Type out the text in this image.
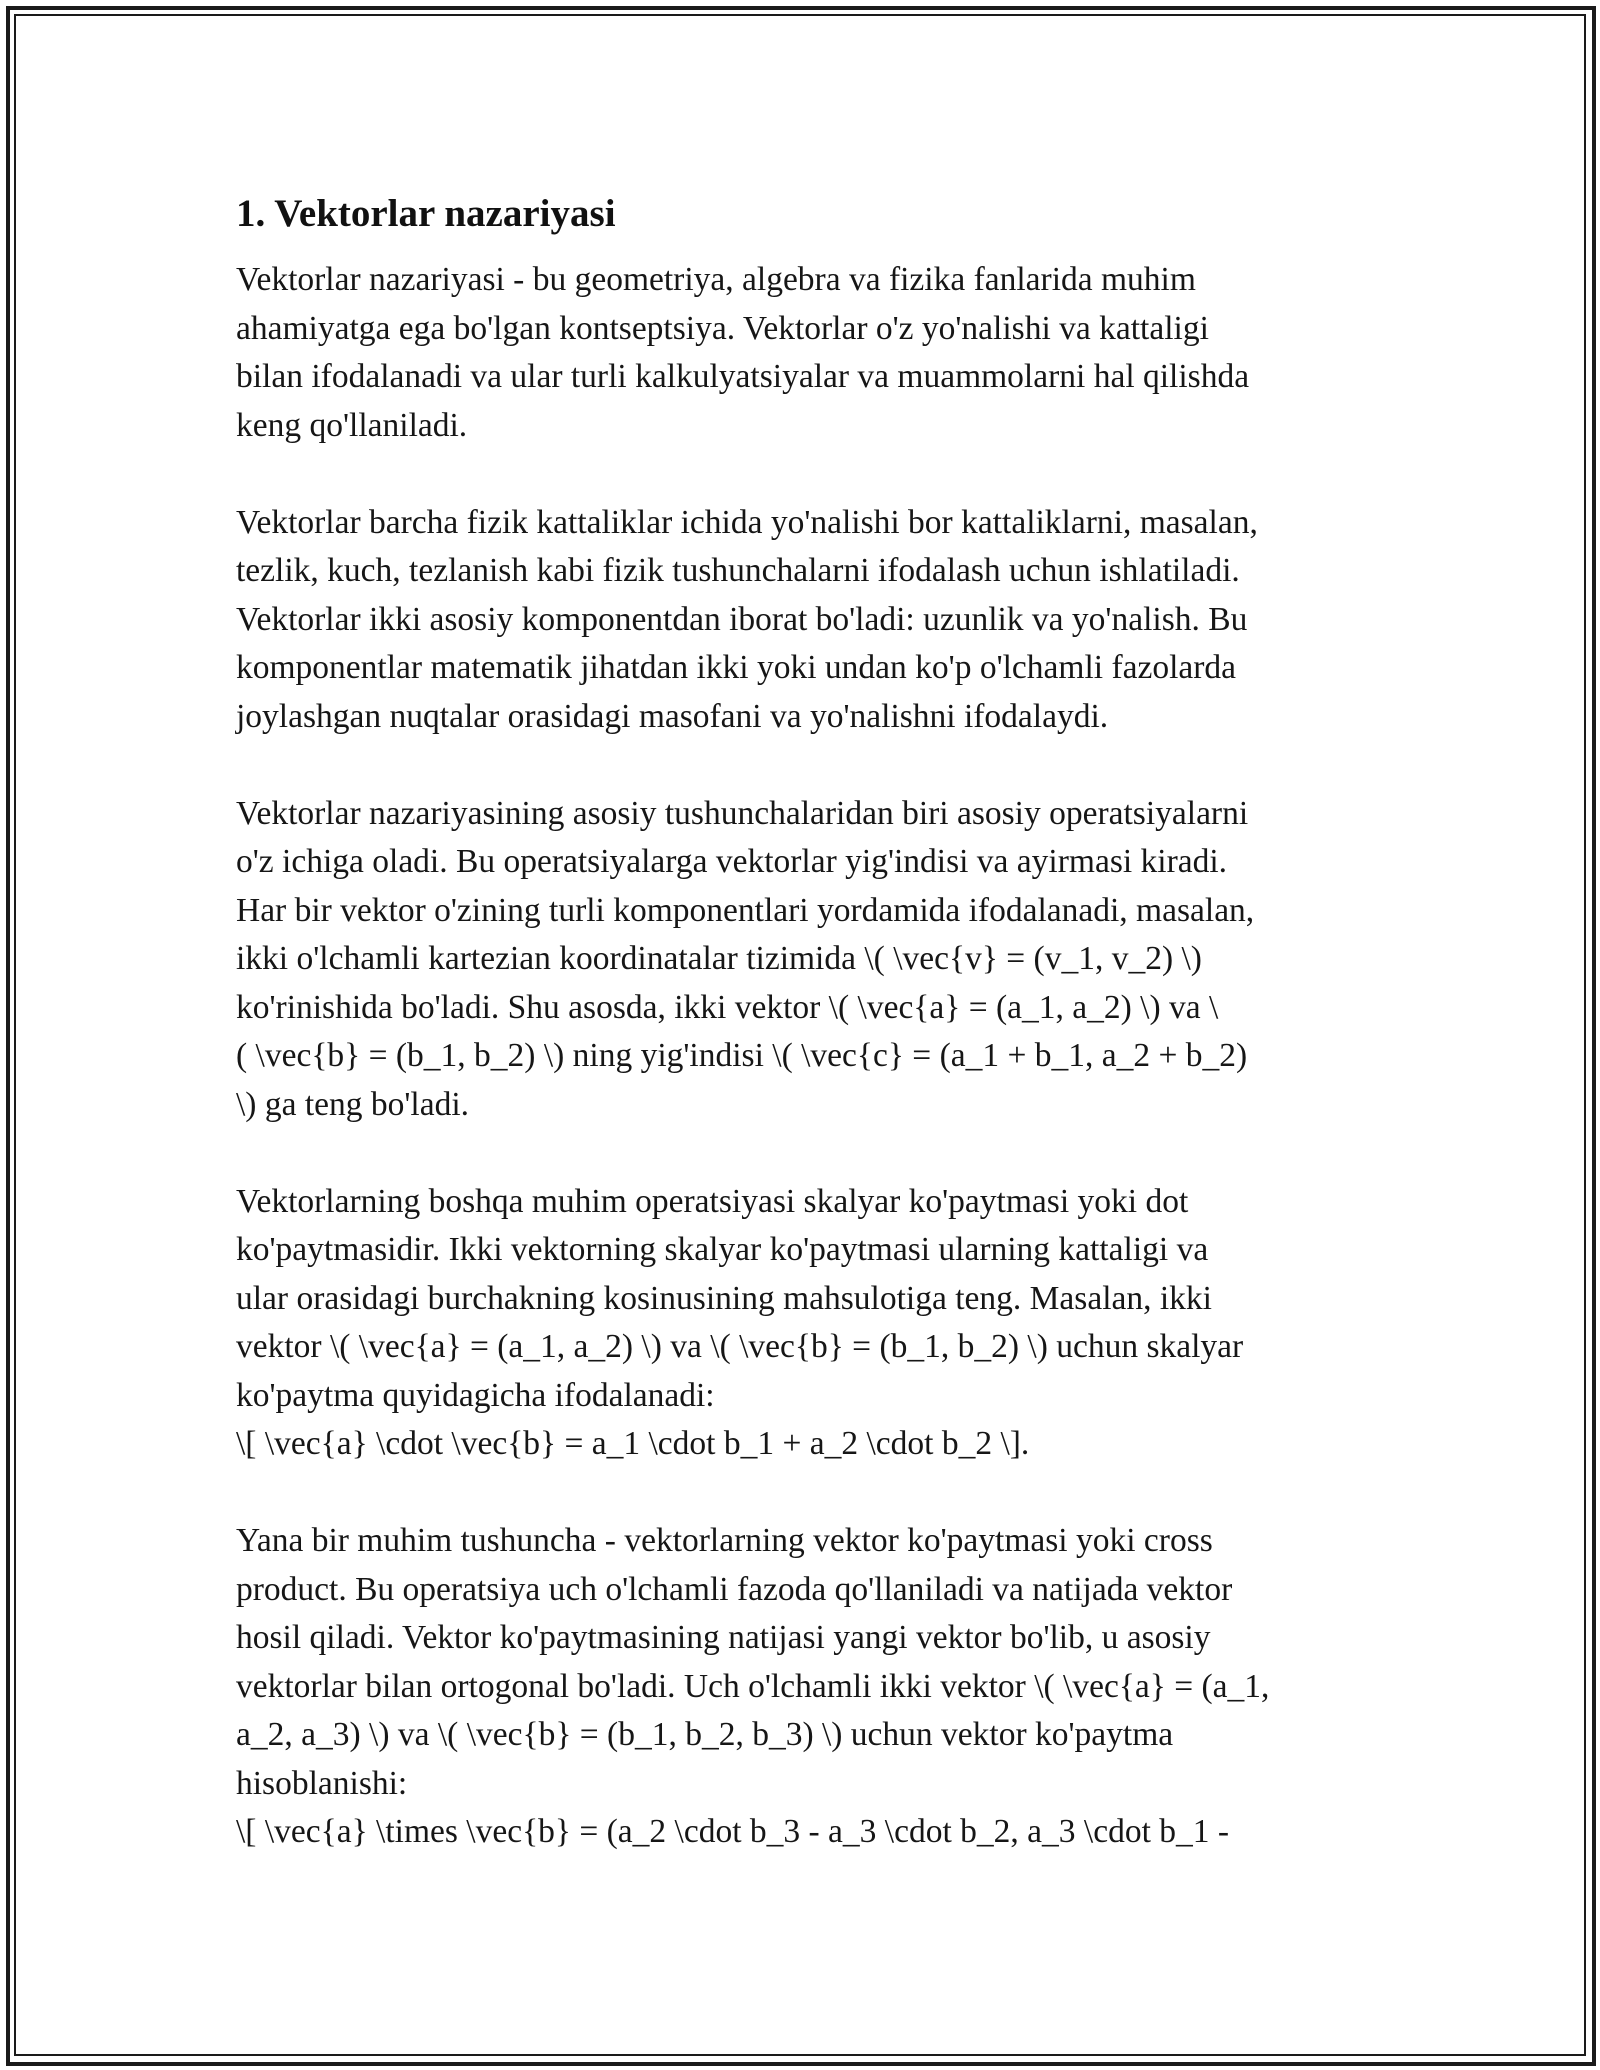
1. Vektorlar nazariyasi

Vektorlar nazariyasi - bu geometriya, algebra va fizika fanlarida muhim
ahamiyatga ega bo'lgan kontseptsiya. Vektorlar o'z yo'nalishi va kattaligi
bilan ifodalanadi va ular turli kalkulyatsiyalar va muammolarni hal qilishda
keng qo'llaniladi.

Vektorlar barcha fizik kattaliklar ichida yo'nalishi bor kattaliklarni, masalan,
tezlik, kuch, tezlanish kabi fizik tushunchalarni ifodalash uchun ishlatiladi.
Vektorlar ikki asosiy komponentdan iborat bo'ladi: uzunlik va yo'nalish. Bu
komponentlar matematik jihatdan ikki yoki undan ko'p o'lchamli fazolarda
joylashgan nuqtalar orasidagi masofani va yo'nalishni ifodalaydi.

Vektorlar nazariyasining asosiy tushunchalaridan biri asosiy operatsiyalarni
o'z ichiga oladi. Bu operatsiyalarga vektorlar yig'indisi va ayirmasi kiradi.
Har bir vektor o'zining turli komponentlari yordamida ifodalanadi, masalan,
ikki o'lchamli kartezian koordinatalar tizimida \( \vec{v} = (v_1, v_2) \)
ko'rinishida bo'ladi. Shu asosda, ikki vektor \( \vec{a} = (a_1, a_2) \) va \
( \vec{b} = (b_1, b_2) \) ning yig'indisi \( \vec{c} = (a_1 + b_1, a_2 + b_2)
\) ga teng bo'ladi.

Vektorlarning boshqa muhim operatsiyasi skalyar ko'paytmasi yoki dot
ko'paytmasidir. Ikki vektorning skalyar ko'paytmasi ularning kattaligi va
ular orasidagi burchakning kosinusining mahsulotiga teng. Masalan, ikki
vektor \( \vec{a} = (a_1, a_2) \) va \( \vec{b} = (b_1, b_2) \) uchun skalyar
ko'paytma quyidagicha ifodalanadi:
\[ \vec{a} \cdot \vec{b} = a_1 \cdot b_1 + a_2 \cdot b_2 \].

Yana bir muhim tushuncha - vektorlarning vektor ko'paytmasi yoki cross
product. Bu operatsiya uch o'lchamli fazoda qo'llaniladi va natijada vektor
hosil qiladi. Vektor ko'paytmasining natijasi yangi vektor bo'lib, u asosiy
vektorlar bilan ortogonal bo'ladi. Uch o'lchamli ikki vektor \( \vec{a} = (a_1,
a_2, a_3) \) va \( \vec{b} = (b_1, b_2, b_3) \) uchun vektor ko'paytma
hisoblanishi:
\[ \vec{a} \times \vec{b} = (a_2 \cdot b_3 - a_3 \cdot b_2, a_3 \cdot b_1 -
